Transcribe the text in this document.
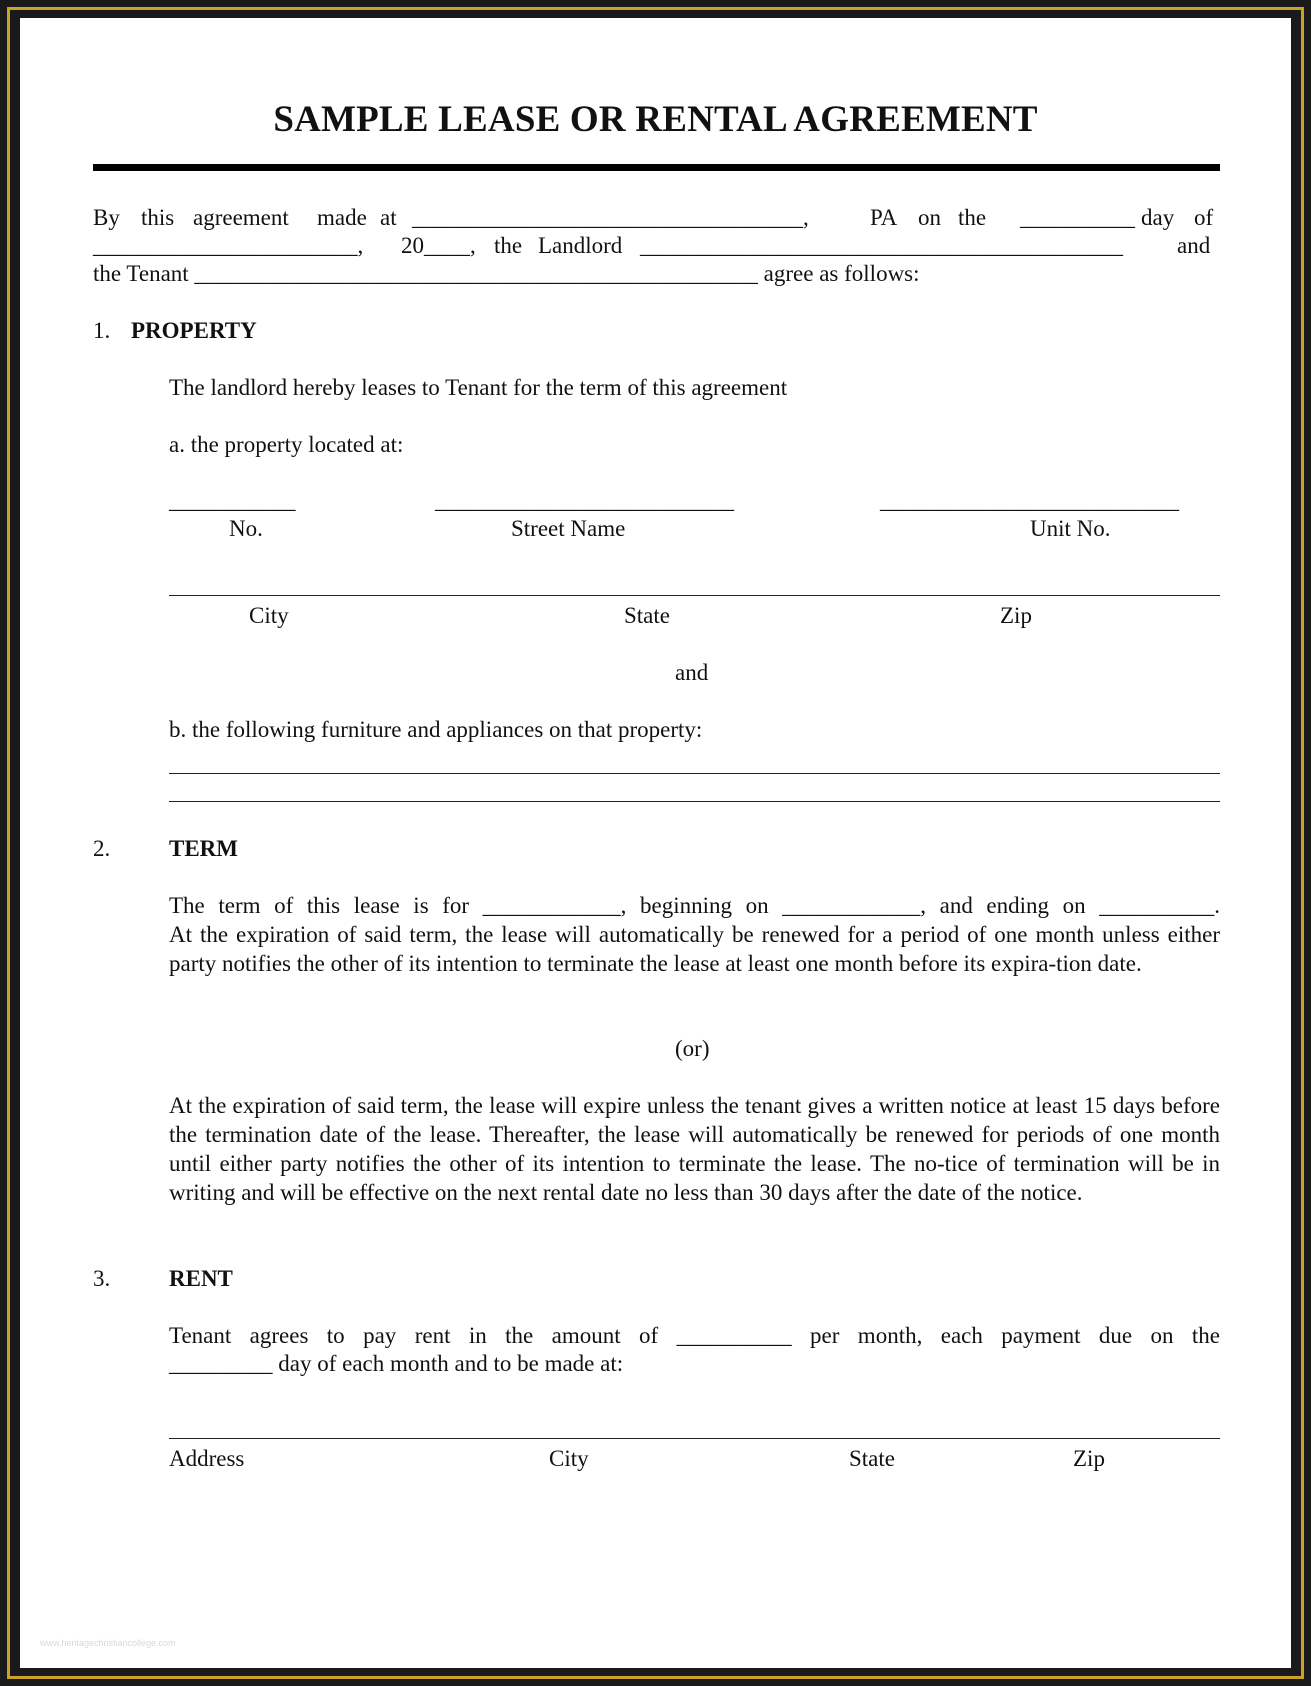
SAMPLE LEASE OR RENTAL AGREEMENT
By this agreement made at __________________________________,	PA on the __________ day of
_______________________, 20____, the Landlord __________________________________________ and
the Tenant _________________________________________________ agree as follows:
1. PROPERTY
The landlord hereby leases to Tenant for the term of this agreement
a. the property located at:
___________	__________________________	__________________________
No.	Street Name	Unit No.
City	State	Zip
and
b. the following furniture and appliances on that property:
2.	TERM
The term of this lease is for ____________, beginning on ____________, and ending on __________.
At the expiration of said term, the lease will automatically be renewed for a period of one month unless either party notifies the other of its intention to terminate the lease at least one month before its expira-tion date.
(or)
At the expiration of said term, the lease will expire unless the tenant gives a written notice at least 15 days before the termination date of the lease. Thereafter, the lease will automatically be renewed for periods of one month until either party notifies the other of its intention to terminate the lease. The no-tice of termination will be in writing and will be effective on the next rental date no less than 30 days after the date of the notice.
3.	RENT
Tenant agrees to pay rent in the amount of __________ per month, each payment due on the
_________ day of each month and to be made at:
Address	City	State	Zip
www.heritagechristiancollege.com
